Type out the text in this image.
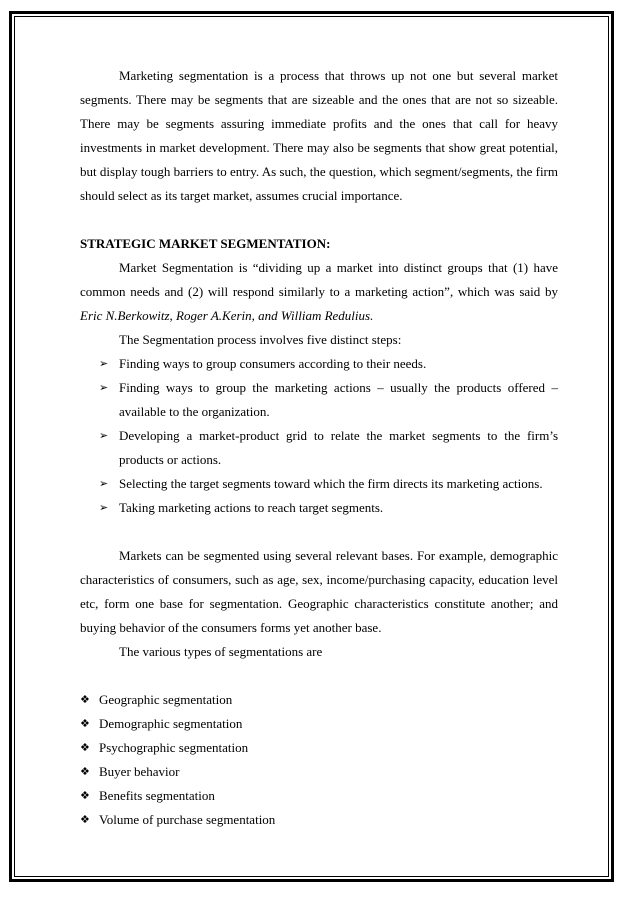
Marketing segmentation is a process that throws up not one but several market segments. There may be segments that are sizeable and the ones that are not so sizeable. There may be segments assuring immediate profits and the ones that call for heavy investments in market development. There may also be segments that show great potential, but display tough barriers to entry. As such, the question, which segment/segments, the firm should select as its target market, assumes crucial importance.

STRATEGIC MARKET SEGMENTATION:

Market Segmentation is “dividing up a market into distinct groups that (1) have common needs and (2) will respond similarly to a marketing action”, which was said by Eric N.Berkowitz, Roger A.Kerin, and William Redulius.

The Segmentation process involves five distinct steps:

➢ Finding ways to group consumers according to their needs.
➢ Finding ways to group the marketing actions – usually the products offered – available to the organization.
➢ Developing a market-product grid to relate the market segments to the firm’s products or actions.
➢ Selecting the target segments toward which the firm directs its marketing actions.
➢ Taking marketing actions to reach target segments.

Markets can be segmented using several relevant bases. For example, demographic characteristics of consumers, such as age, sex, income/purchasing capacity, education level etc, form one base for segmentation. Geographic characteristics constitute another; and buying behavior of the consumers forms yet another base.

The various types of segmentations are

❖ Geographic segmentation
❖ Demographic segmentation
❖ Psychographic segmentation
❖ Buyer behavior
❖ Benefits segmentation
❖ Volume of purchase segmentation
